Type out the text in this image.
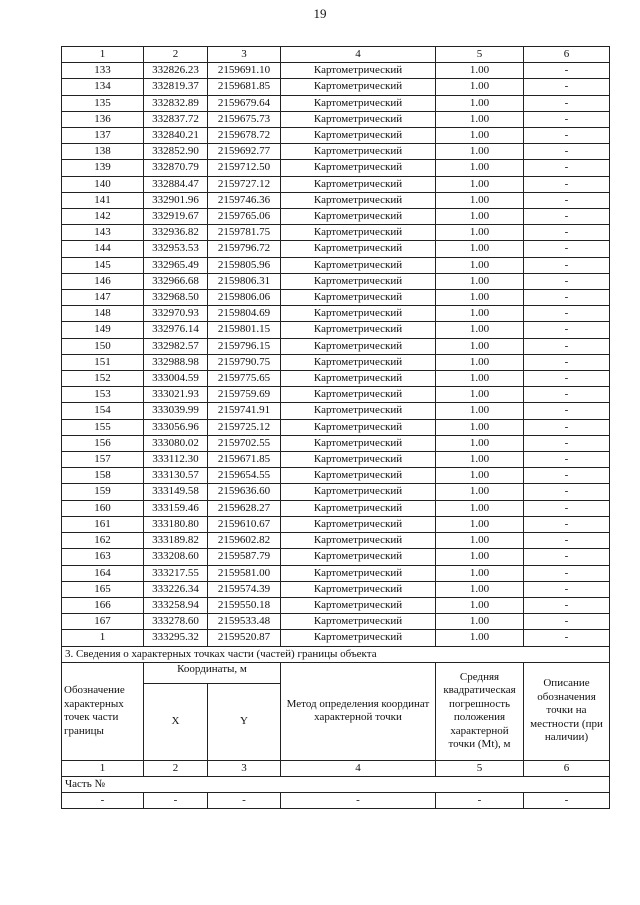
19
1	2	3	4	5	6
133	332826.23	2159691.10	Картометрический	1.00	-
134	332819.37	2159681.85	Картометрический	1.00	-
135	332832.89	2159679.64	Картометрический	1.00	-
136	332837.72	2159675.73	Картометрический	1.00	-
137	332840.21	2159678.72	Картометрический	1.00	-
138	332852.90	2159692.77	Картометрический	1.00	-
139	332870.79	2159712.50	Картометрический	1.00	-
140	332884.47	2159727.12	Картометрический	1.00	-
141	332901.96	2159746.36	Картометрический	1.00	-
142	332919.67	2159765.06	Картометрический	1.00	-
143	332936.82	2159781.75	Картометрический	1.00	-
144	332953.53	2159796.72	Картометрический	1.00	-
145	332965.49	2159805.96	Картометрический	1.00	-
146	332966.68	2159806.31	Картометрический	1.00	-
147	332968.50	2159806.06	Картометрический	1.00	-
148	332970.93	2159804.69	Картометрический	1.00	-
149	332976.14	2159801.15	Картометрический	1.00	-
150	332982.57	2159796.15	Картометрический	1.00	-
151	332988.98	2159790.75	Картометрический	1.00	-
152	333004.59	2159775.65	Картометрический	1.00	-
153	333021.93	2159759.69	Картометрический	1.00	-
154	333039.99	2159741.91	Картометрический	1.00	-
155	333056.96	2159725.12	Картометрический	1.00	-
156	333080.02	2159702.55	Картометрический	1.00	-
157	333112.30	2159671.85	Картометрический	1.00	-
158	333130.57	2159654.55	Картометрический	1.00	-
159	333149.58	2159636.60	Картометрический	1.00	-
160	333159.46	2159628.27	Картометрический	1.00	-
161	333180.80	2159610.67	Картометрический	1.00	-
162	333189.82	2159602.82	Картометрический	1.00	-
163	333208.60	2159587.79	Картометрический	1.00	-
164	333217.55	2159581.00	Картометрический	1.00	-
165	333226.34	2159574.39	Картометрический	1.00	-
166	333258.94	2159550.18	Картометрический	1.00	-
167	333278.60	2159533.48	Картометрический	1.00	-
1	333295.32	2159520.87	Картометрический	1.00	-
3. Сведения о характерных точках части (частей) границы объекта					
Обозначение характерных точек части границы	Координаты, м		Метод определения координат характерной точки	Средняя квадратическая погрешность положения характерной точки (Mt), м	Описание обозначения точки на местности (при наличии)
	X	Y			
1	2	3	4	5	6
Часть №					
-	-	-	-	-	-
